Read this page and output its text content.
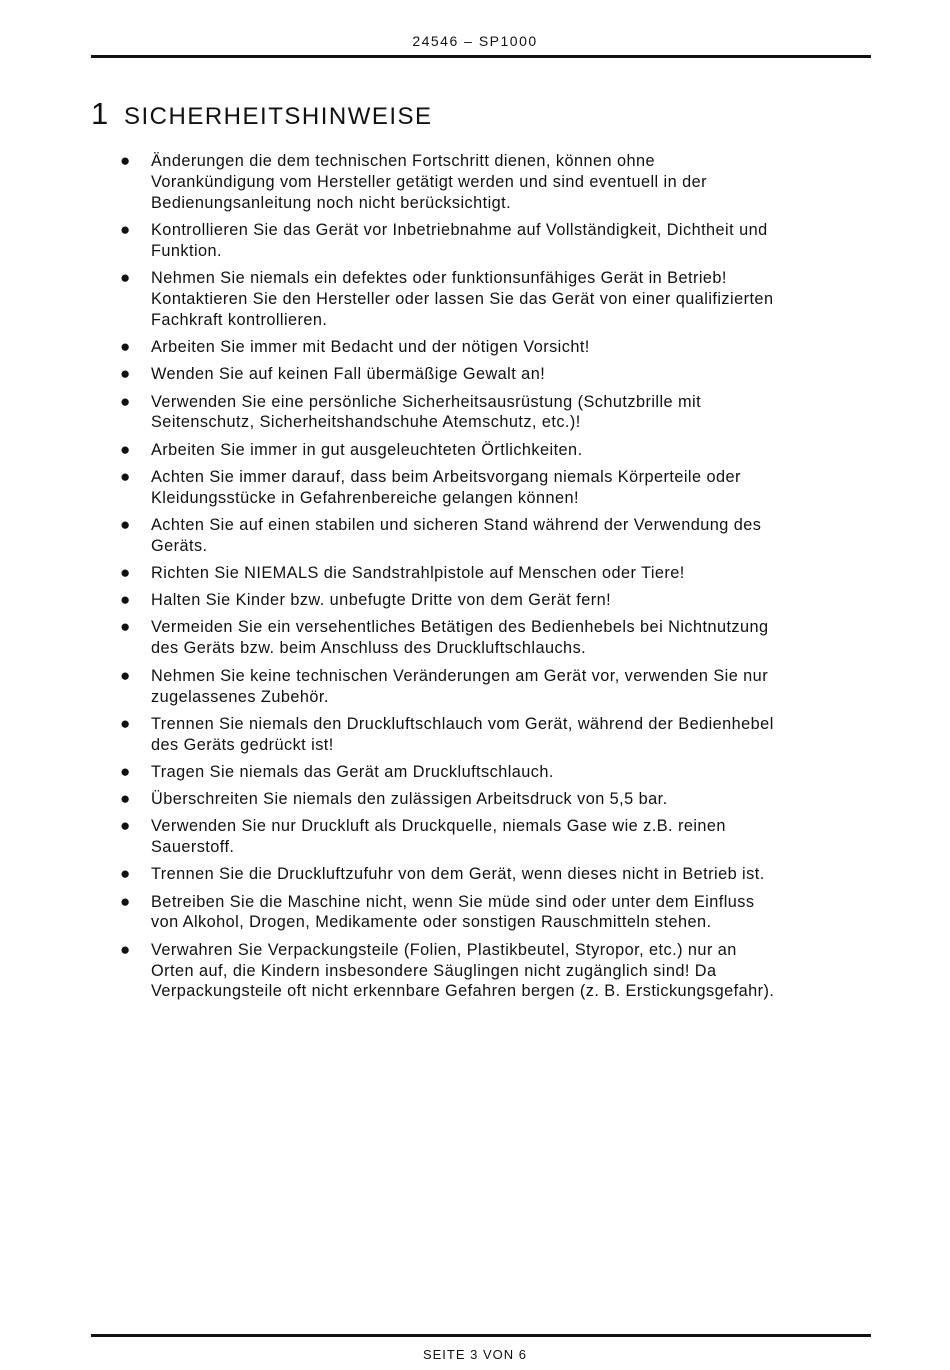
24546 – SP1000
1 SICHERHEITSHINWEISE
●	Änderungen die dem technischen Fortschritt dienen, können ohne
Vorankündigung vom Hersteller getätigt werden und sind eventuell in der
Bedienungsanleitung noch nicht berücksichtigt.
●	Kontrollieren Sie das Gerät vor Inbetriebnahme auf Vollständigkeit, Dichtheit und
Funktion.
●	Nehmen Sie niemals ein defektes oder funktionsunfähiges Gerät in Betrieb!
Kontaktieren Sie den Hersteller oder lassen Sie das Gerät von einer qualifizierten
Fachkraft kontrollieren.
●	Arbeiten Sie immer mit Bedacht und der nötigen Vorsicht!
●	Wenden Sie auf keinen Fall übermäßige Gewalt an!
●	Verwenden Sie eine persönliche Sicherheitsausrüstung (Schutzbrille mit
Seitenschutz, Sicherheitshandschuhe Atemschutz, etc.)!
●	Arbeiten Sie immer in gut ausgeleuchteten Örtlichkeiten.
●	Achten Sie immer darauf, dass beim Arbeitsvorgang niemals Körperteile oder
Kleidungsstücke in Gefahrenbereiche gelangen können!
●	Achten Sie auf einen stabilen und sicheren Stand während der Verwendung des
Geräts.
●	Richten Sie NIEMALS die Sandstrahlpistole auf Menschen oder Tiere!
●	Halten Sie Kinder bzw. unbefugte Dritte von dem Gerät fern!
●	Vermeiden Sie ein versehentliches Betätigen des Bedienhebels bei Nichtnutzung
des Geräts bzw. beim Anschluss des Druckluftschlauchs.
●	Nehmen Sie keine technischen Veränderungen am Gerät vor, verwenden Sie nur
zugelassenes Zubehör.
●	Trennen Sie niemals den Druckluftschlauch vom Gerät, während der Bedienhebel
des Geräts gedrückt ist!
●	Tragen Sie niemals das Gerät am Druckluftschlauch.
●	Überschreiten Sie niemals den zulässigen Arbeitsdruck von 5,5 bar.
●	Verwenden Sie nur Druckluft als Druckquelle, niemals Gase wie z.B. reinen
Sauerstoff.
●	Trennen Sie die Druckluftzufuhr von dem Gerät, wenn dieses nicht in Betrieb ist.
●	Betreiben Sie die Maschine nicht, wenn Sie müde sind oder unter dem Einfluss
von Alkohol, Drogen, Medikamente oder sonstigen Rauschmitteln stehen.
●	Verwahren Sie Verpackungsteile (Folien, Plastikbeutel, Styropor, etc.) nur an
Orten auf, die Kindern insbesondere Säuglingen nicht zugänglich sind! Da
Verpackungsteile oft nicht erkennbare Gefahren bergen (z. B. Erstickungsgefahr).
SEITE 3 VON 6
